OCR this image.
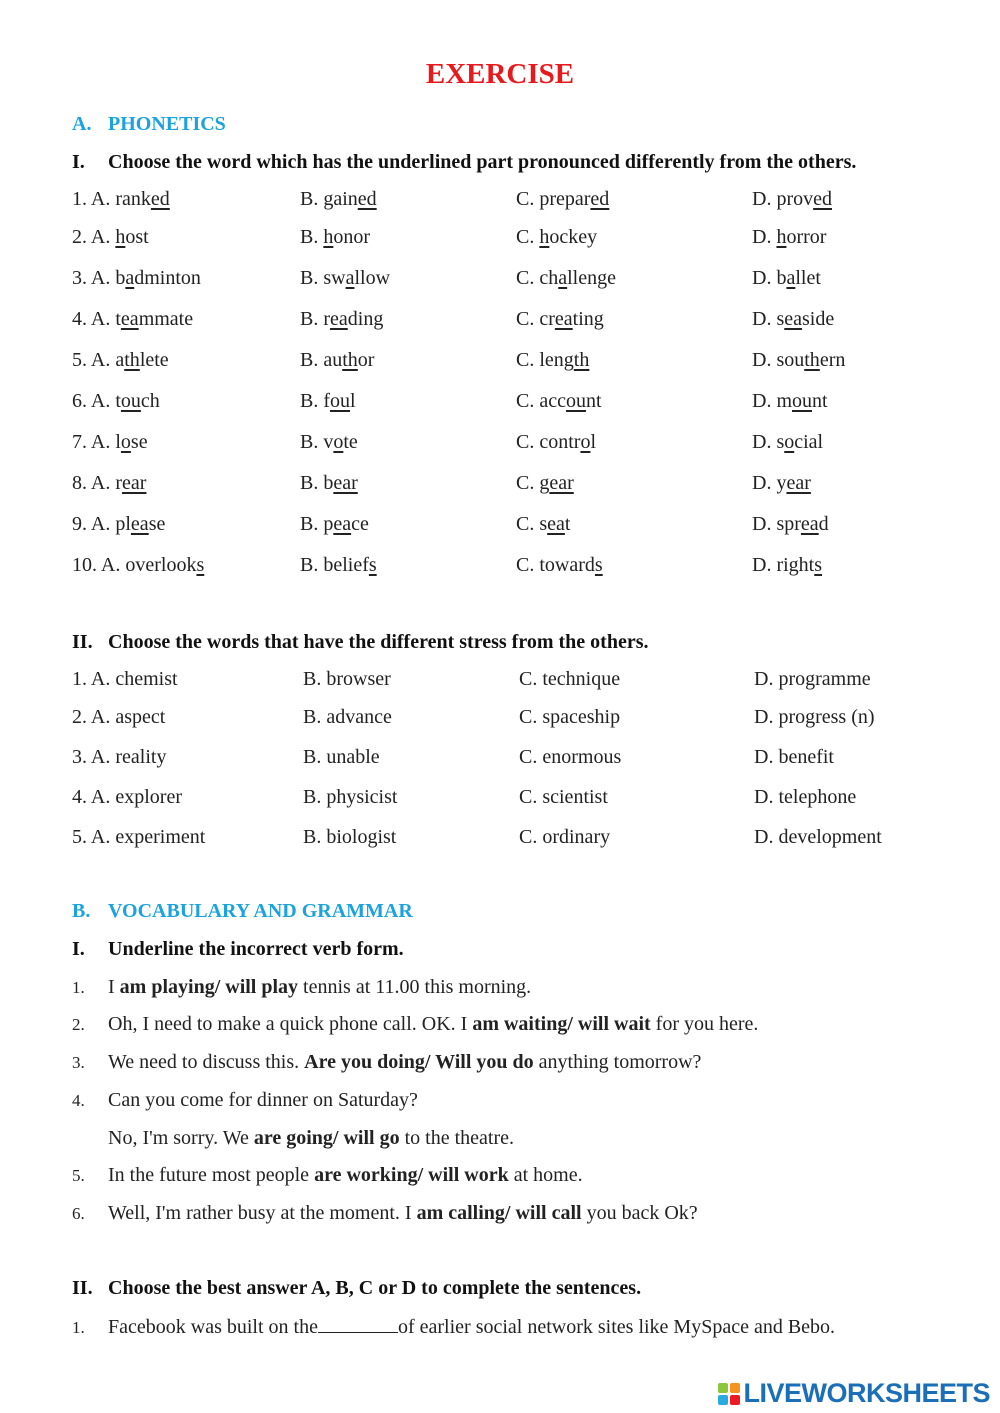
EXERCISE
A. PHONETICS
I. Choose the word which has the underlined part pronounced differently from the others.
1. A. ranked	B. gained	C. prepared	D. proved
2. A. host	B. honor	C. hockey	D. horror
3. A. badminton	B. swallow	C. challenge	D. ballet
4. A. teammate	B. reading	C. creating	D. seaside
5. A. athlete	B. author	C. length	D. southern
6. A. touch	B. foul	C. account	D. mount
7. A. lose	B. vote	C. control	D. social
8. A. rear	B. bear	C. gear	D. year
9. A. please	B. peace	C. seat	D. spread
10. A. overlooks	B. beliefs	C. towards	D. rights
II. Choose the words that have the different stress from the others.
1. A. chemist	B. browser	C. technique	D. programme
2. A. aspect	B. advance	C. spaceship	D. progress (n)
3. A. reality	B. unable	C. enormous	D. benefit
4. A. explorer	B. physicist	C. scientist	D. telephone
5. A. experiment	B. biologist	C. ordinary	D. development
B. VOCABULARY AND GRAMMAR
I. Underline the incorrect verb form.
1. I am playing/ will play tennis at 11.00 this morning.
2. Oh, I need to make a quick phone call. OK. I am waiting/ will wait for you here.
3. We need to discuss this. Are you doing/ Will you do anything tomorrow?
4. Can you come for dinner on Saturday?
No, I'm sorry. We are going/ will go to the theatre.
5. In the future most people are working/ will work at home.
6. Well, I'm rather busy at the moment. I am calling/ will call you back Ok?
II. Choose the best answer A, B, C or D to complete the sentences.
1. Facebook was built on the	of earlier social network sites like MySpace and Bebo.
LIVEWORKSHEETS
